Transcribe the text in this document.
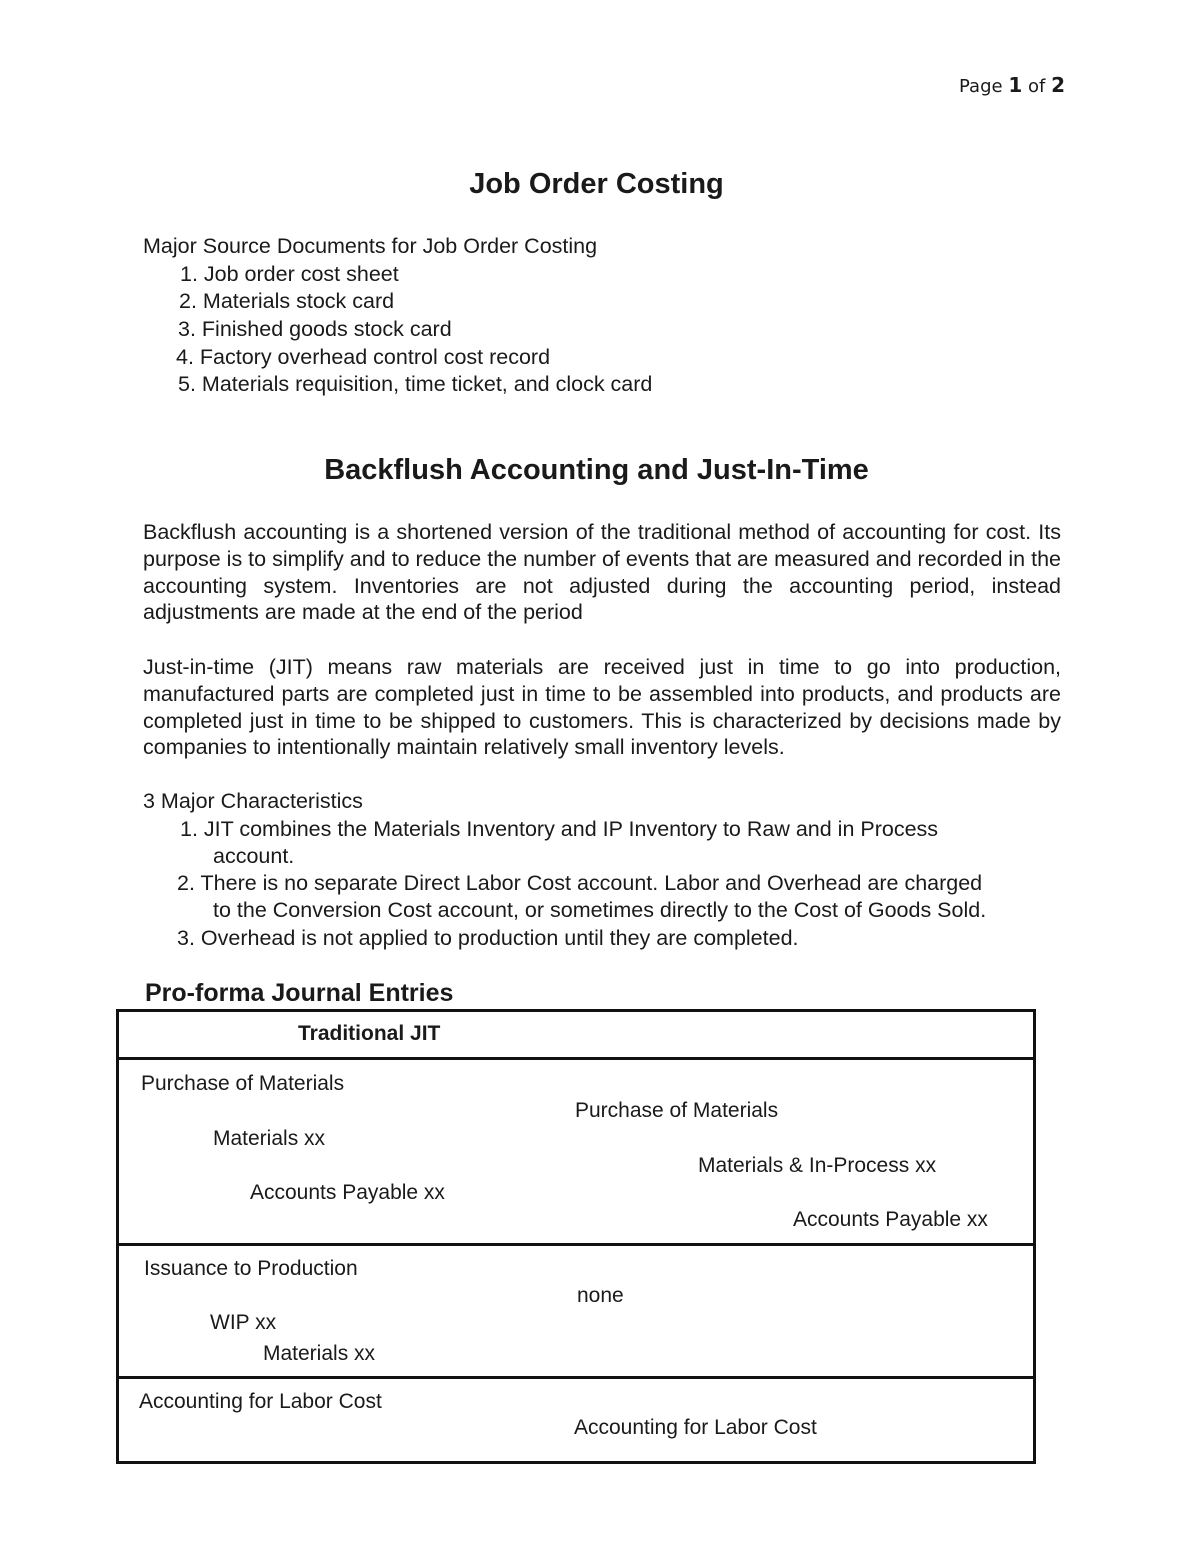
Page 1 of 2
Job Order Costing
Major Source Documents for Job Order Costing
1. Job order cost sheet
2. Materials stock card
3. Finished goods stock card
4. Factory overhead control cost record
5. Materials requisition, time ticket, and clock card
Backflush Accounting and Just-In-Time
Backflush accounting is a shortened version of the traditional method of accounting for cost. Its purpose is to simplify and to reduce the number of events that are measured and recorded in the accounting system. Inventories are not adjusted during the accounting period, instead adjustments are made at the end of the period
Just-in-time (JIT) means raw materials are received just in time to go into production, manufactured parts are completed just in time to be assembled into products, and products are completed just in time to be shipped to customers. This is characterized by decisions made by companies to intentionally maintain relatively small inventory levels.
3 Major Characteristics
1. JIT combines the Materials Inventory and IP Inventory to Raw and in Process
account.
2. There is no separate Direct Labor Cost account. Labor and Overhead are charged
to the Conversion Cost account, or sometimes directly to the Cost of Goods Sold.
3. Overhead is not applied to production until they are completed.
Pro-forma Journal Entries
Traditional JIT
Purchase of Materials
Materials xx
Accounts Payable xx
Purchase of Materials
Materials & In-Process xx
Accounts Payable xx
Issuance to Production
WIP xx
Materials xx
none
Accounting for Labor Cost
Accounting for Labor Cost
